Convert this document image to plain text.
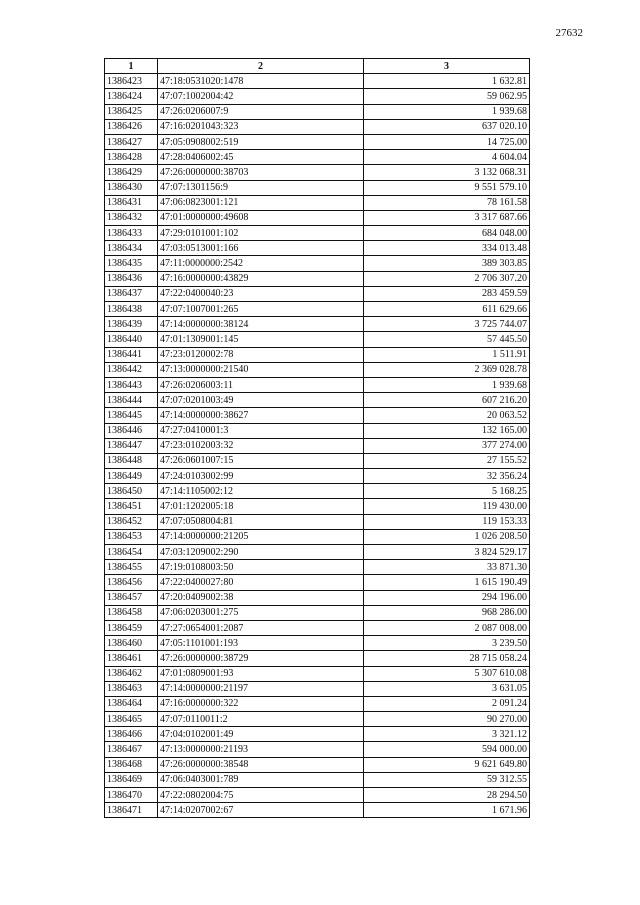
27632
1	2	3
1386423	47:18:0531020:1478	1 632.81
1386424	47:07:1002004:42	59 062.95
1386425	47:26:0206007:9	1 939.68
1386426	47:16:0201043:323	637 020.10
1386427	47:05:0908002:519	14 725.00
1386428	47:28:0406002:45	4 604.04
1386429	47:26:0000000:38703	3 132 068.31
1386430	47:07:1301156:9	9 551 579.10
1386431	47:06:0823001:121	78 161.58
1386432	47:01:0000000:49608	3 317 687.66
1386433	47:29:0101001:102	684 048.00
1386434	47:03:0513001:166	334 013.48
1386435	47:11:0000000:2542	389 303.85
1386436	47:16:0000000:43829	2 706 307.20
1386437	47:22:0400040:23	283 459.59
1386438	47:07:1007001:265	611 629.66
1386439	47:14:0000000:38124	3 725 744.07
1386440	47:01:1309001:145	57 445.50
1386441	47:23:0120002:78	1 511.91
1386442	47:13:0000000:21540	2 369 028.78
1386443	47:26:0206003:11	1 939.68
1386444	47:07:0201003:49	607 216.20
1386445	47:14:0000000:38627	20 063.52
1386446	47:27:0410001:3	132 165.00
1386447	47:23:0102003:32	377 274.00
1386448	47:26:0601007:15	27 155.52
1386449	47:24:0103002:99	32 356.24
1386450	47:14:1105002:12	5 168.25
1386451	47:01:1202005:18	119 430.00
1386452	47:07:0508004:81	119 153.33
1386453	47:14:0000000:21205	1 026 208.50
1386454	47:03:1209002:290	3 824 529.17
1386455	47:19:0108003:50	33 871.30
1386456	47:22:0400027:80	1 615 190.49
1386457	47:20:0409002:38	294 196.00
1386458	47:06:0203001:275	968 286.00
1386459	47:27:0654001:2087	2 087 008.00
1386460	47:05:1101001:193	3 239.50
1386461	47:26:0000000:38729	28 715 058.24
1386462	47:01:0809001:93	5 307 610.08
1386463	47:14:0000000:21197	3 631.05
1386464	47:16:0000000:322	2 091.24
1386465	47:07:0110011:2	90 270.00
1386466	47:04:0102001:49	3 321.12
1386467	47:13:0000000:21193	594 000.00
1386468	47:26:0000000:38548	9 621 649.80
1386469	47:06:0403001:789	59 312.55
1386470	47:22:0802004:75	28 294.50
1386471	47:14:0207002:67	1 671.96
